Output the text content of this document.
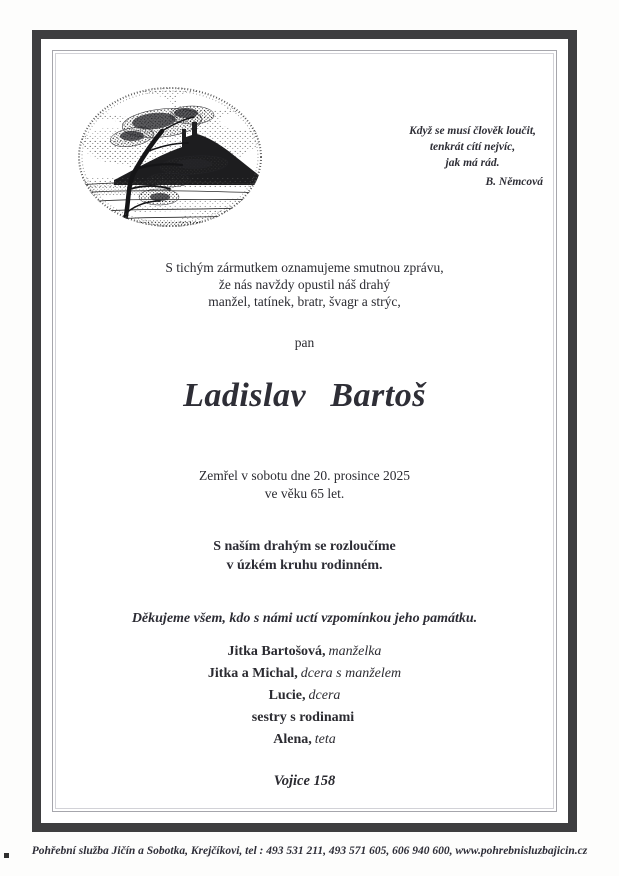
Když se musí člověk loučit,
tenkrát cítí nejvíc,
jak má rád.
B. Němcová
S tichým zármutkem oznamujeme smutnou zprávu,
že nás navždy opustil náš drahý
manžel, tatínek, bratr, švagr a strýc,
pan
Ladislav Bartoš
Zemřel v sobotu dne 20. prosince 2025
ve věku 65 let.
S naším drahým se rozloučíme
v úzkém kruhu rodinném.
Děkujeme všem, kdo s námi uctí vzpomínkou jeho památku.
Jitka Bartošová, manželka
Jitka a Michal, dcera s manželem
Lucie, dcera
sestry s rodinami
Alena, teta
Vojice 158
Pohřební služba Jičín a Sobotka, Krejčíkovi, tel : 493 531 211, 493 571 605, 606 940 600, www.pohrebnisluzbajicin.cz
